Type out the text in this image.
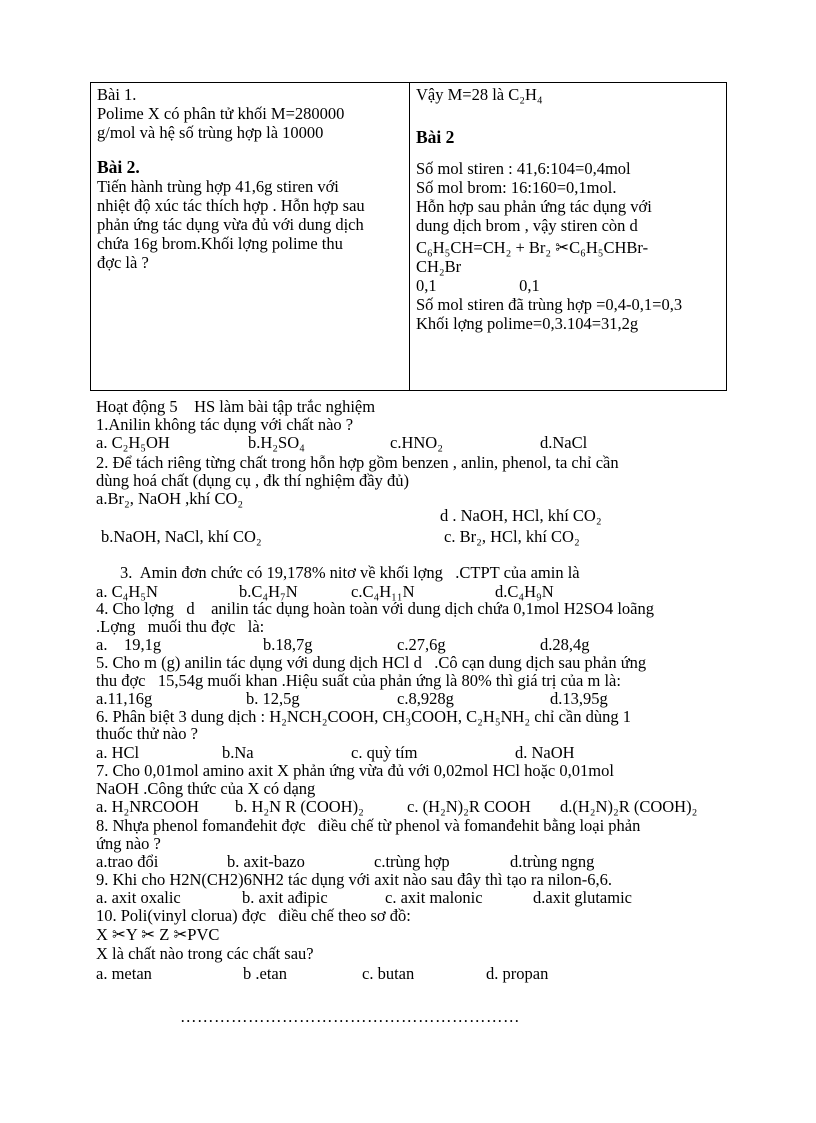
Bài 1.
Polime X có phân tử khối M=280000
g/mol và hệ số trùng hợp là 10000
Bài 2.
Tiến hành trùng hợp 41,6g stiren với
nhiệt độ xúc tác thích hợp . Hỗn hợp sau
phản ứng tác dụng vừa đủ với dung dịch
chứa 16g brom.Khối lợng polime thu
đợc là ?
Vậy M=28 là C₂H₄
Bài 2
Số mol stiren : 41,6:104=0,4mol
Số mol brom: 16:160=0,1mol.
Hỗn hợp sau phản ứng tác dụng với
dung dịch brom , vậy stiren còn d
C₆H₅CH=CH₂ + Br₂ ✂C₆H₅CHBr-
CH₂Br
0,1                    0,1
Số mol stiren đã trùng hợp =0,4-0,1=0,3
Khối lợng polime=0,3.104=31,2g
Hoạt động 5    HS làm bài tập trắc nghiệm
1.Anilin không tác dụng với chất nào ?
a. C₂H₅OH	b.H₂SO₄	c.HNO₂	d.NaCl
2. Để tách riêng từng chất trong hỗn hợp gồm benzen , anlin, phenol, ta chỉ cần
dùng hoá chất (dụng cụ , đk thí nghiệm đầy đủ)
a.Br₂, NaOH ,khí CO₂
d . NaOH, HCl, khí CO₂
b.NaOH, NaCl, khí CO₂	c. Br₂, HCl, khí CO₂
3.  Amin đơn chức có 19,178% nitơ về khối lợng   .CTPT của amin là
a. C₄H₅N	b.C₄H₇N	c.C₄H₁₁N	d.C₄H₉N
4. Cho lợng   d    anilin tác dụng hoàn toàn với dung dịch chứa 0,1mol H2SO4 loãng
.Lợng   muối thu đợc   là:
a.    19,1g	b.18,7g	c.27,6g	d.28,4g
5. Cho m (g) anilin tác dụng với dung dịch HCl d   .Cô cạn dung dịch sau phản ứng
thu đợc   15,54g muối khan .Hiệu suất của phản ứng là 80% thì giá trị của m là:
a.11,16g	b. 12,5g	c.8,928g	d.13,95g
6. Phân biệt 3 dung dịch : H₂NCH₂COOH, CH₃COOH, C₂H₅NH₂ chỉ cần dùng 1
thuốc thử nào ?
a. HCl	b.Na	c. quỳ tím	d. NaOH
7. Cho 0,01mol amino axit X phản ứng vừa đủ với 0,02mol HCl hoặc 0,01mol
NaOH .Công thức của X có dạng
a. H₂NRCOOH b. H₂N R (COOH)₂	c. (H₂N)₂R COOH d.(H₂N)₂R (COOH)₂
8. Nhựa phenol fomanđehit đợc   điều chế từ phenol và fomanđehit bằng loại phản
ứng nào ?
a.trao đổi	b. axit-bazo	c.trùng hợp	d.trùng ngng
9. Khi cho H2N(CH2)6NH2 tác dụng với axit nào sau đây thì tạo ra nilon-6,6.
a. axit oxalic	b. axit ađipic	c. axit malonic	d.axit glutamic
10. Poli(vinyl clorua) đợc   điều chế theo sơ đồ:
X ✂Y ✂ Z ✂PVC
X là chất nào trong các chất sau?
a. metan	b .etan	c. butan	d. propan
……………………………………………………
